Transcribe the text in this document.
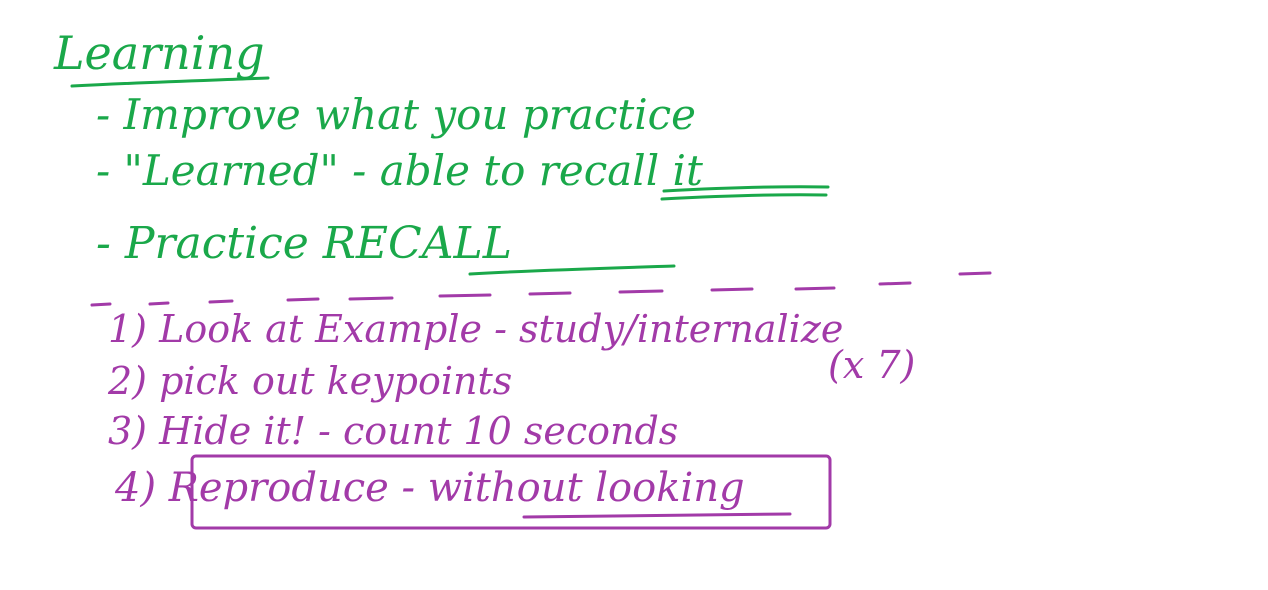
Learning
- Improve what you practice
- "Learned" - able to recall it
- Practice RECALL
1) Look at Example - study/internalize
(x 7)
2) pick out keypoints
3) Hide it! - count 10 seconds
4) Reproduce - without looking
